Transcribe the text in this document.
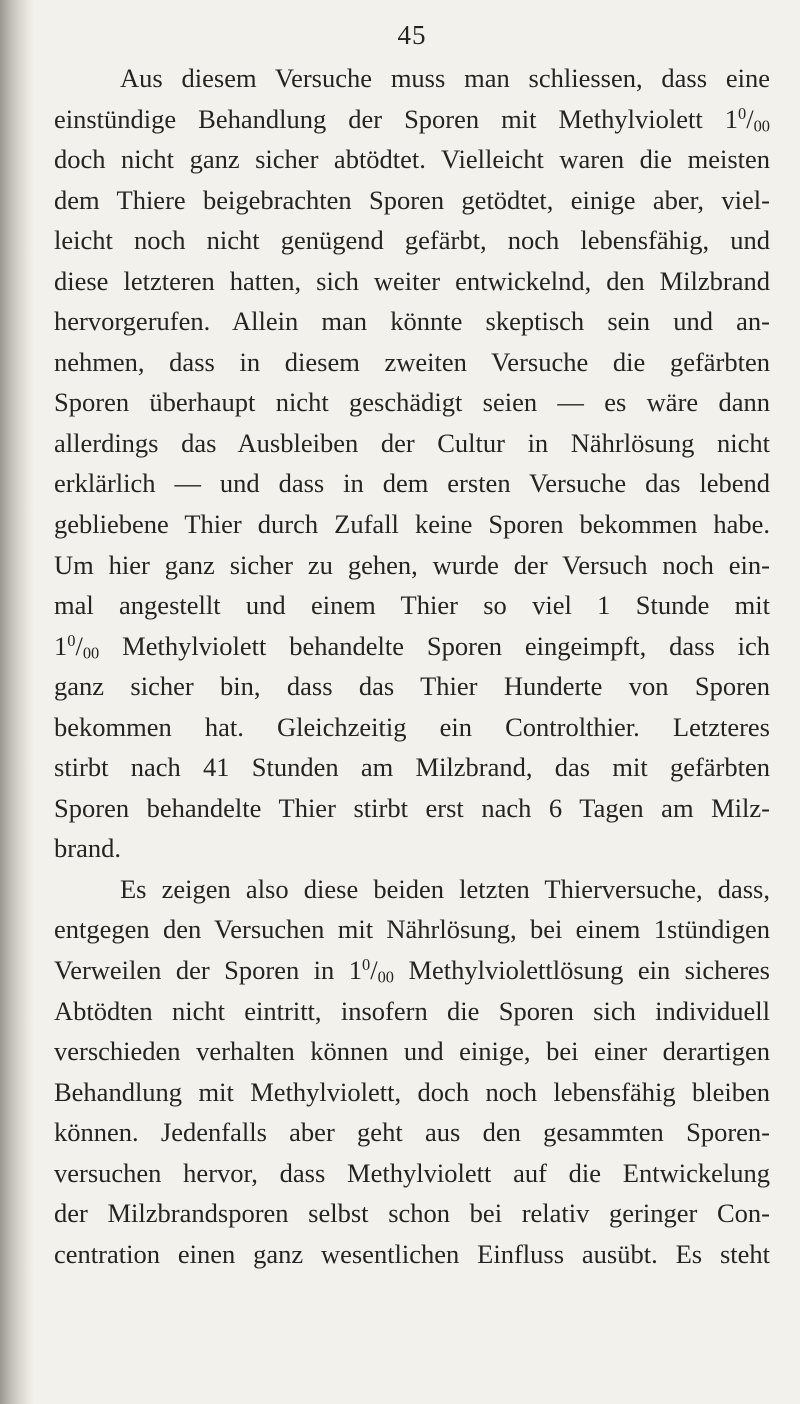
45
Aus diesem Versuche muss man schliessen, dass eine
einstündige Behandlung der Sporen mit Methylviolett $1^0/00$
doch nicht ganz sicher abtödtet. Vielleicht waren die meisten
dem Thiere beigebrachten Sporen getödtet, einige aber, viel-
leicht noch nicht genügend gefärbt, noch lebensfähig, und
diese letzteren hatten, sich weiter entwickelnd, den Milzbrand
hervorgerufen. Allein man könnte skeptisch sein und an-
nehmen, dass in diesem zweiten Versuche die gefärbten
Sporen überhaupt nicht geschädigt seien — es wäre dann
allerdings das Ausbleiben der Cultur in Nährlösung nicht
erklärlich — und dass in dem ersten Versuche das lebend
gebliebene Thier durch Zufall keine Sporen bekommen habe.
Um hier ganz sicher zu gehen, wurde der Versuch noch ein-
mal angestellt und einem Thier so viel 1 Stunde mit
$1^0/00$ Methylviolett behandelte Sporen eingeimpft, dass ich
ganz sicher bin, dass das Thier Hunderte von Sporen
bekommen hat. Gleichzeitig ein Controlthier. Letzteres
stirbt nach 41 Stunden am Milzbrand, das mit gefärbten
Sporen behandelte Thier stirbt erst nach 6 Tagen am Milz-
brand.
Es zeigen also diese beiden letzten Thierversuche, dass,
entgegen den Versuchen mit Nährlösung, bei einem 1stündigen
Verweilen der Sporen in $1^0/00$ Methylviolettlösung ein sicheres
Abtödten nicht eintritt, insofern die Sporen sich individuell
verschieden verhalten können und einige, bei einer derartigen
Behandlung mit Methylviolett, doch noch lebensfähig bleiben
können. Jedenfalls aber geht aus den gesammten Sporen-
versuchen hervor, dass Methylviolett auf die Entwickelung
der Milzbrandsporen selbst schon bei relativ geringer Con-
centration einen ganz wesentlichen Einfluss ausübt. Es steht
